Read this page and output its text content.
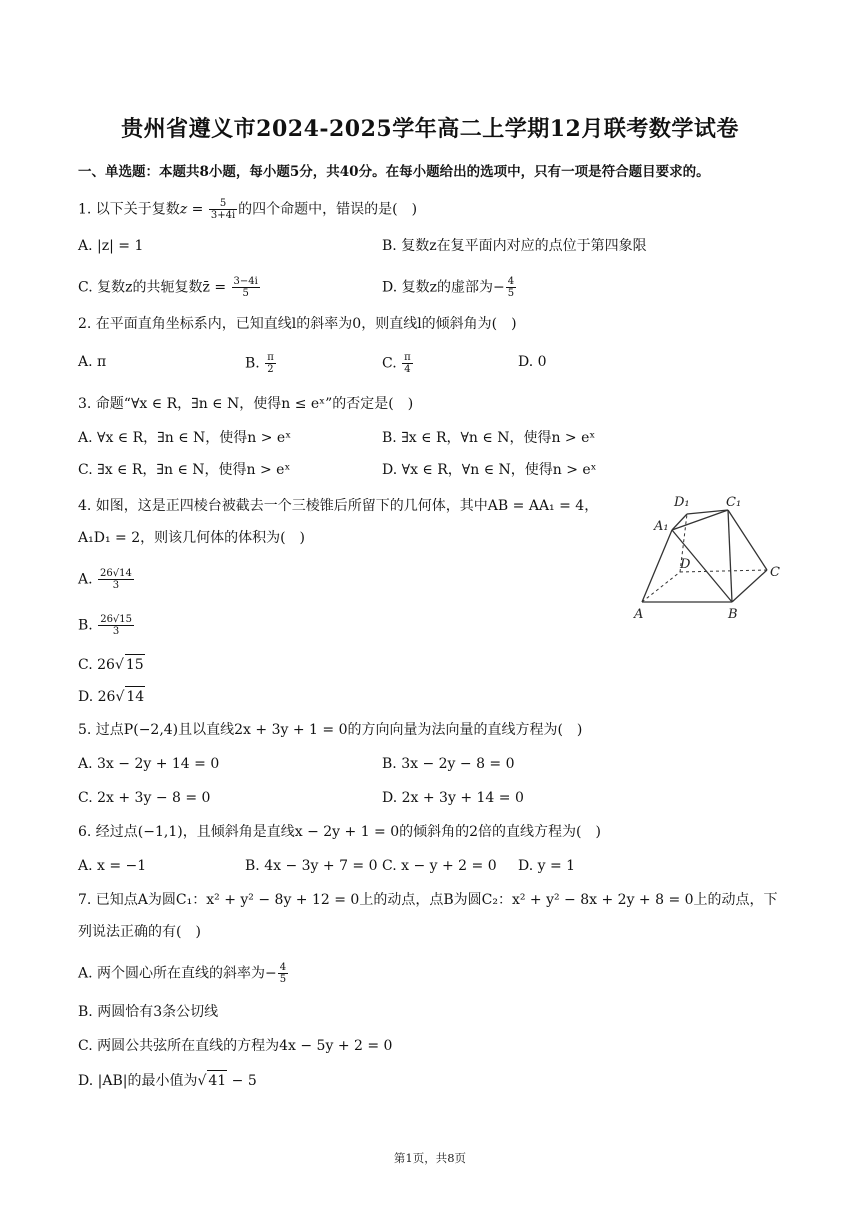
贵州省遵义市2024-2025学年高二上学期12月联考数学试卷
一、单选题：本题共8小题，每小题5分，共40分。在每小题给出的选项中，只有一项是符合题目要求的。
1. 以下关于复数$z = \frac{5}{3+4i}$ 的四个命题中，错误的是(　)
A. |z| = 1	B. 复数z在复平面内对应的点位于第四象限
C. 复数z的共轭复数z̄ = $\frac{3-4i}{5}$	D. 复数z的虚部为− $\frac{4}{5}$
2. 在平面直角坐标系内，已知直线l的斜率为0，则直线l的倾斜角为(　)
A. π	B. $\frac{\pi}{2}$	C. $\frac{\pi}{4}$	D. 0
3. 命题“∀x ∈ R，∃n ∈ N，使得n ≤ eˣ”的否定是(　)
A. ∀x ∈ R，∃n ∈ N，使得n > eˣ	B. ∃x ∈ R，∀n ∈ N，使得n > eˣ
C. ∃x ∈ R，∃n ∈ N，使得n > eˣ	D. ∀x ∈ R，∀n ∈ N，使得n > eˣ
4. 如图，这是正四棱台被截去一个三棱锥后所留下的几何体，其中AB = AA₁ = 4，
A₁D₁ = 2，则该几何体的体积为(　)
A. $\frac{26√14}{3}$
B. $\frac{26√15}{3}$
C. 26√ 15
D. 26√ 14
D₁	C₁
A₁
D
C
A	B
5. 过点P(−2,4)且以直线2x + 3y + 1 = 0的方向向量为法向量的直线方程为(　)
A. 3x − 2y + 14 = 0	B. 3x − 2y − 8 = 0
C. 2x + 3y − 8 = 0	D. 2x + 3y + 14 = 0
6. 经过点(−1,1)，且倾斜角是直线x − 2y + 1 = 0的倾斜角的2倍的直线方程为(　)
A. x = −1	B. 4x − 3y + 7 = 0 C. x − y + 2 = 0 D. y = 1
7. 已知点A为圆C₁：x² + y² − 8y + 12 = 0上的动点，点B为圆C₂：x² + y² − 8x + 2y + 8 = 0上的动点，下
列说法正确的有(　)
A. 两个圆心所在直线的斜率为− $\frac{4}{5}$
B. 两圆恰有3条公切线
C. 两圆公共弦所在直线的方程为4x − 5y + 2 = 0
D. |AB|的最小值为√ 41 − 5
第1页，共8页
